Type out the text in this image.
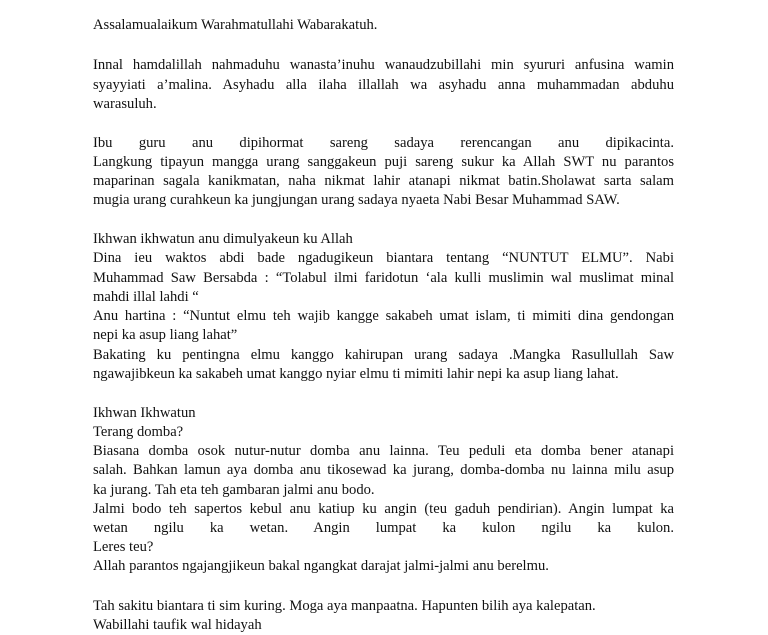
Assalamualaikum Warahmatullahi Wabarakatuh.
Innal hamdalillah nahmaduhu wanasta’inuhu wanaudzubillahi min syururi anfusina wamin
syayyiati a’malina. Asyhadu alla ilaha illallah wa asyhadu anna muhammadan abduhu
warasuluh.
Ibu guru anu dipihormat sareng sadaya rerencangan anu dipikacinta.
Langkung tipayun mangga urang sanggakeun puji sareng sukur ka Allah SWT nu parantos
maparinan sagala kanikmatan, naha nikmat lahir atanapi nikmat batin.Sholawat sarta salam
mugia urang curahkeun ka jungjungan urang sadaya nyaeta Nabi Besar Muhammad SAW.
Ikhwan ikhwatun anu dimulyakeun ku Allah
Dina ieu waktos abdi bade ngadugikeun biantara tentang “NUNTUT ELMU”. Nabi
Muhammad Saw Bersabda : “Tolabul ilmi faridotun ‘ala kulli muslimin wal muslimat minal
mahdi illal lahdi “
Anu hartina : “Nuntut elmu teh wajib kangge sakabeh umat islam, ti mimiti dina gendongan
nepi ka asup liang lahat”
Bakating ku pentingna elmu kanggo kahirupan urang sadaya .Mangka Rasullullah Saw
ngawajibkeun ka sakabeh umat kanggo nyiar elmu ti mimiti lahir nepi ka asup liang lahat.
Ikhwan Ikhwatun
Terang domba?
Biasana domba osok nutur-nutur domba anu lainna. Teu peduli eta domba bener atanapi
salah. Bahkan lamun aya domba anu tikosewad ka jurang, domba-domba nu lainna milu asup
ka jurang. Tah eta teh gambaran jalmi anu bodo.
Jalmi bodo teh sapertos kebul anu katiup ku angin (teu gaduh pendirian). Angin lumpat ka
wetan ngilu ka wetan. Angin lumpat ka kulon ngilu ka kulon.
Leres teu?
Allah parantos ngajangjikeun bakal ngangkat darajat jalmi-jalmi anu berelmu.
Tah sakitu biantara ti sim kuring. Moga aya manpaatna. Hapunten bilih aya kalepatan.
Wabillahi taufik wal hidayah
